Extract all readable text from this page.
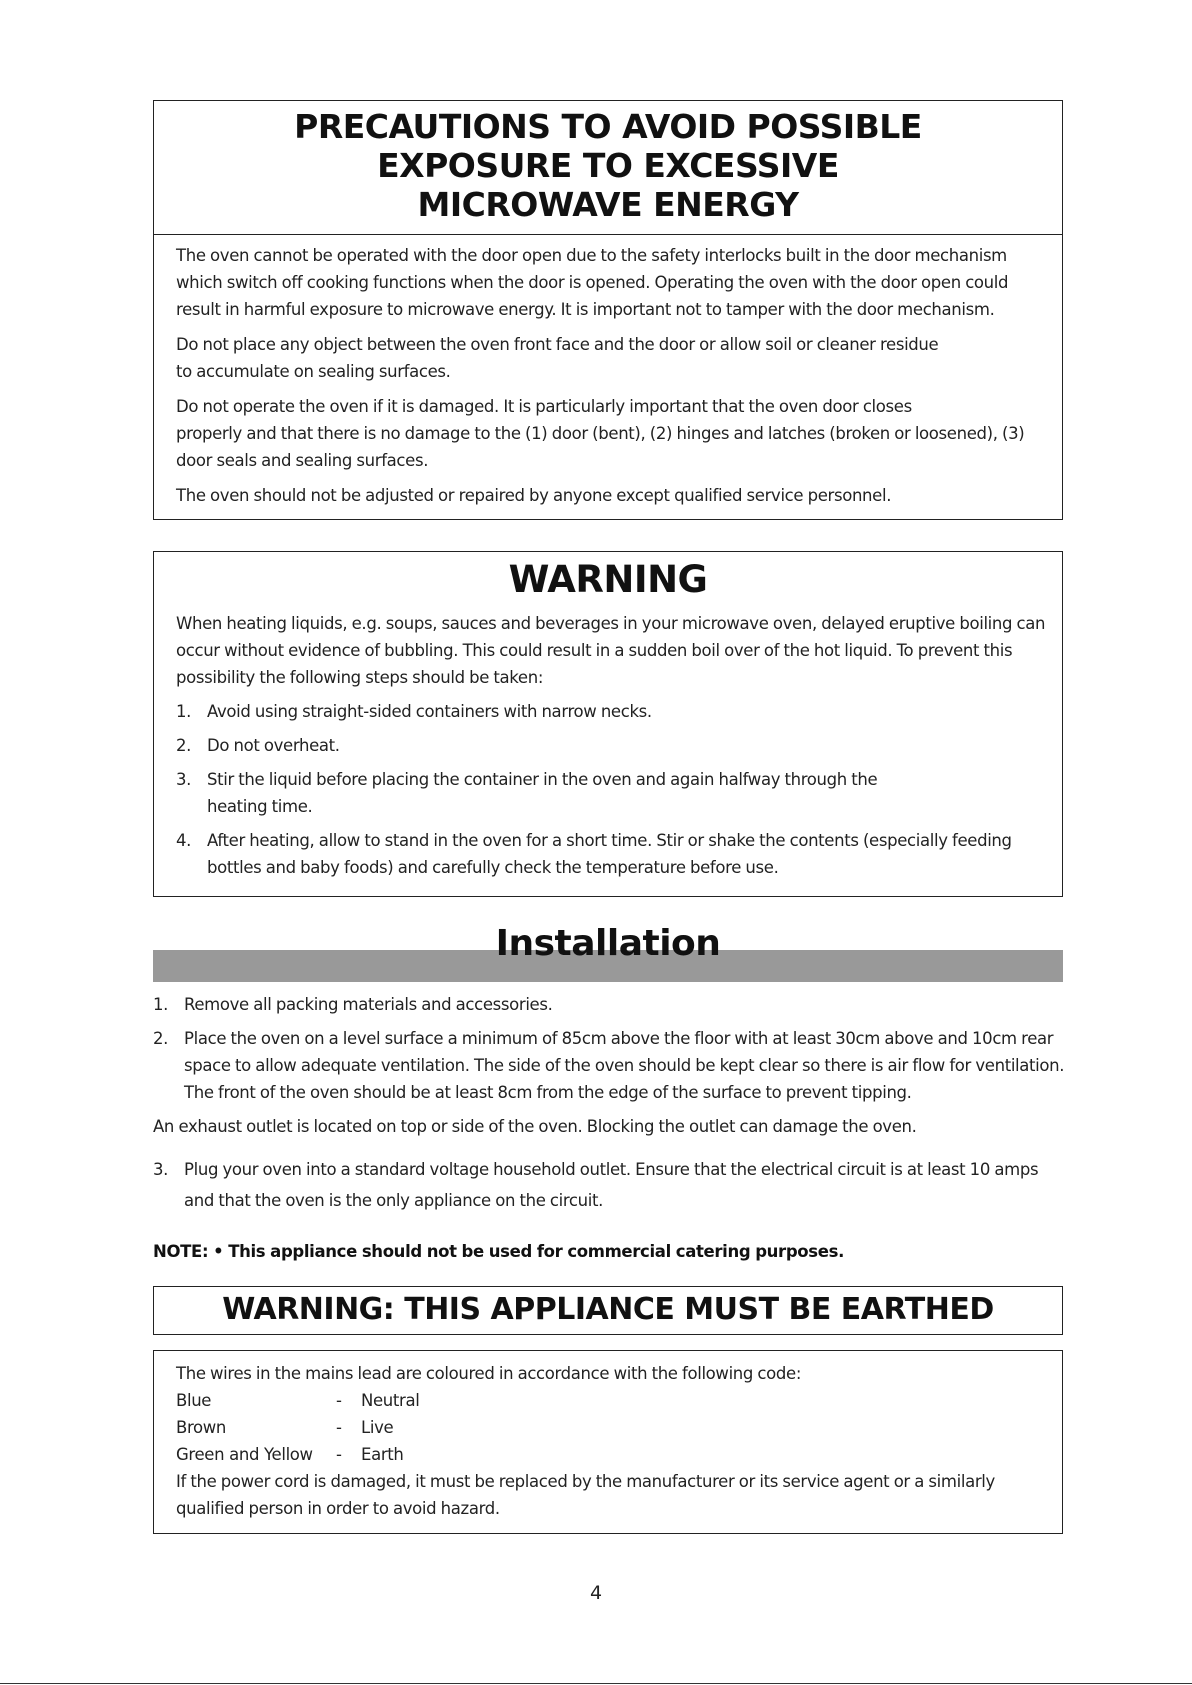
PRECAUTIONS TO AVOID POSSIBLE
EXPOSURE TO EXCESSIVE
MICROWAVE ENERGY
The oven cannot be operated with the door open due to the safety interlocks built in the door mechanism
which switch off cooking functions when the door is opened. Operating the oven with the door open could
result in harmful exposure to microwave energy. It is important not to tamper with the door mechanism.
Do not place any object between the oven front face and the door or allow soil or cleaner residue
to accumulate on sealing surfaces.
Do not operate the oven if it is damaged. It is particularly important that the oven door closes
properly and that there is no damage to the (1) door (bent), (2) hinges and latches (broken or loosened), (3)
door seals and sealing surfaces.
The oven should not be adjusted or repaired by anyone except qualified service personnel.
WARNING
When heating liquids, e.g. soups, sauces and beverages in your microwave oven, delayed eruptive boiling can
occur without evidence of bubbling. This could result in a sudden boil over of the hot liquid. To prevent this
possibility the following steps should be taken:
1. Avoid using straight-sided containers with narrow necks.
2. Do not overheat.
3. Stir the liquid before placing the container in the oven and again halfway through the
heating time.
4. After heating, allow to stand in the oven for a short time. Stir or shake the contents (especially feeding
bottles and baby foods) and carefully check the temperature before use.
Installation
1. Remove all packing materials and accessories.
2. Place the oven on a level surface a minimum of 85cm above the floor with at least 30cm above and 10cm rear
space to allow adequate ventilation. The side of the oven should be kept clear so there is air flow for ventilation.
The front of the oven should be at least 8cm from the edge of the surface to prevent tipping.
An exhaust outlet is located on top or side of the oven. Blocking the outlet can damage the oven.
3. Plug your oven into a standard voltage household outlet. Ensure that the electrical circuit is at least 10 amps
and that the oven is the only appliance on the circuit.
NOTE: • This appliance should not be used for commercial catering purposes.
WARNING: THIS APPLIANCE MUST BE EARTHED
The wires in the mains lead are coloured in accordance with the following code:
Blue	-	Neutral
Brown	-	Live
Green and Yellow	-	Earth
If the power cord is damaged, it must be replaced by the manufacturer or its service agent or a similarly
qualified person in order to avoid hazard.
4
